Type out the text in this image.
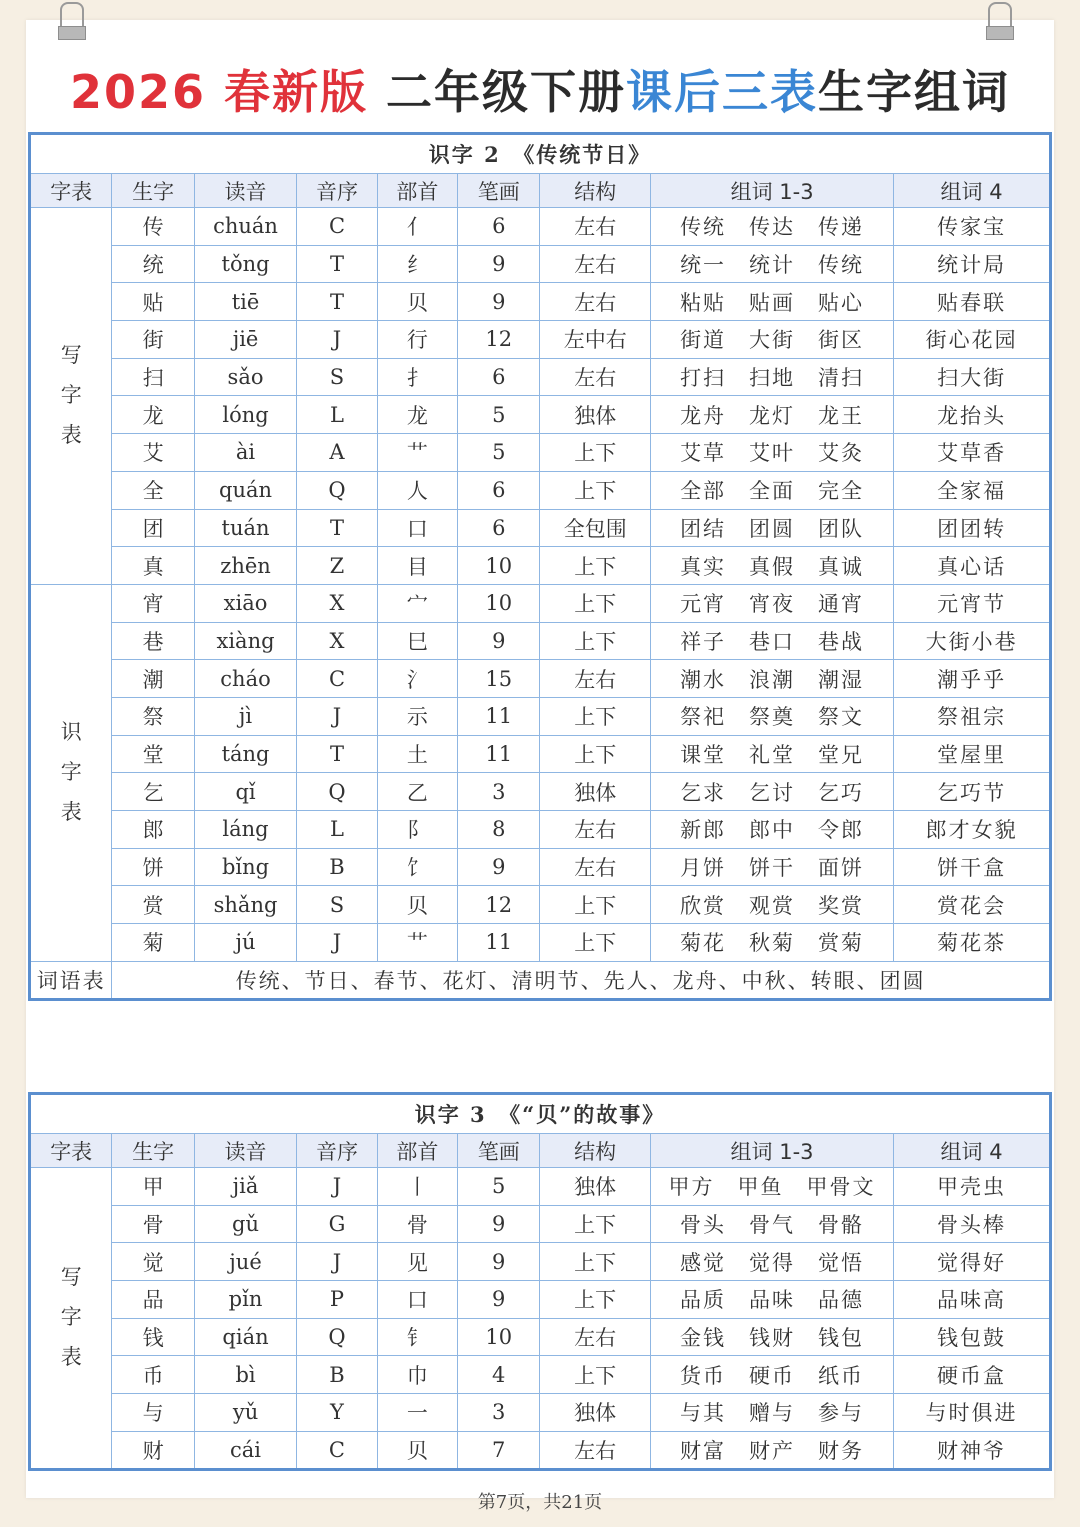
2026 春新版 二年级下册课后三表生字组词
识字 2　《传统节日》								
字表	生字	读音	音序	部首	笔画	结构	组词 1-3	组词 4
写字表	传	chuán	C	亻	6	左右	传统　传达　传递	传家宝
	统	tǒng	T	纟	9	左右	统一　统计　传统	统计局
	贴	tiē	T	贝	9	左右	粘贴　贴画　贴心	贴春联
	街	jiē	J	行	12	左中右	街道　大街　街区	街心花园
	扫	sǎo	S	扌	6	左右	打扫　扫地　清扫	扫大街
	龙	lóng	L	龙	5	独体	龙舟　龙灯　龙王	龙抬头
	艾	ài	A	艹	5	上下	艾草　艾叶　艾灸	艾草香
	全	quán	Q	人	6	上下	全部　全面　完全	全家福
	团	tuán	T	口	6	全包围	团结　团圆　团队	团团转
	真	zhēn	Z	目	10	上下	真实　真假　真诚	真心话
识字表	宵	xiāo	X	宀	10	上下	元宵　宵夜　通宵	元宵节
	巷	xiàng	X	巳	9	上下	祥子　巷口　巷战	大街小巷
	潮	cháo	C	氵	15	左右	潮水　浪潮　潮湿	潮乎乎
	祭	jì	J	示	11	上下	祭祀　祭奠　祭文	祭祖宗
	堂	táng	T	土	11	上下	课堂　礼堂　堂兄	堂屋里
	乞	qǐ	Q	乙	3	独体	乞求　乞讨　乞巧	乞巧节
	郎	láng	L	阝	8	左右	新郎　郎中　令郎	郎才女貌
	饼	bǐng	B	饣	9	左右	月饼　饼干　面饼	饼干盒
	赏	shǎng	S	贝	12	上下	欣赏　观赏　奖赏	赏花会
	菊	jú	J	艹	11	上下	菊花　秋菊　赏菊	菊花茶
词语表	传统、节日、春节、花灯、清明节、先人、龙舟、中秋、转眼、团圆							
识字 3　《“贝”的故事》								
字表	生字	读音	音序	部首	笔画	结构	组词 1-3	组词 4
写字表	甲	jiǎ	J	丨	5	独体	甲方　甲鱼　甲骨文	甲壳虫
	骨	gǔ	G	骨	9	上下	骨头　骨气　骨骼	骨头棒
	觉	jué	J	见	9	上下	感觉　觉得　觉悟	觉得好
	品	pǐn	P	口	9	上下	品质　品味　品德	品味高
	钱	qián	Q	钅	10	左右	金钱　钱财　钱包	钱包鼓
	币	bì	B	巾	4	上下	货币　硬币　纸币	硬币盒
	与	yǔ	Y	一	3	独体	与其　赠与　参与	与时俱进
	财	cái	C	贝	7	左右	财富　财产　财务	财神爷
第7页，共21页
